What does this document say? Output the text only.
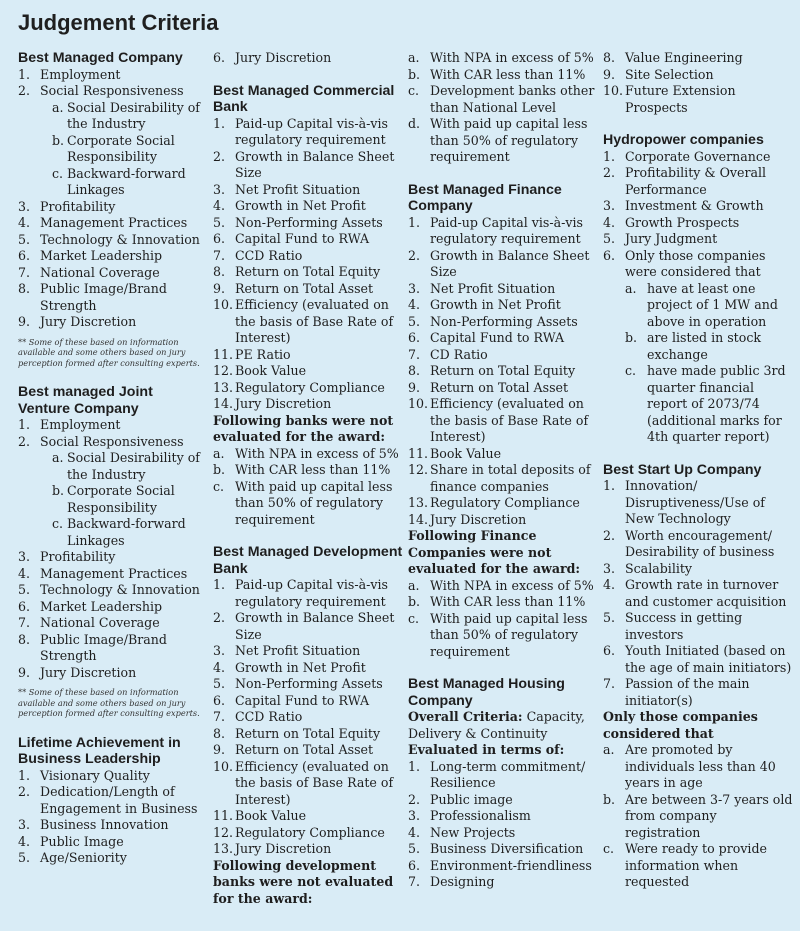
Judgement Criteria
Best Managed Company
1. Employment
2. Social Responsiveness
a. Social Desirability of the Industry
b. Corporate Social Responsibility
c. Backward-forward Linkages
3. Profitability
4. Management Practices
5. Technology & Innovation
6. Market Leadership
7. National Coverage
8. Public Image/Brand Strength
9. Jury Discretion
** Some of these based on information available and some others based on jury perception formed after consulting experts.
Best managed Joint Venture Company
1. Employment
2. Social Responsiveness
a. Social Desirability of the Industry
b. Corporate Social Responsibility
c. Backward-forward Linkages
3. Profitability
4. Management Practices
5. Technology & Innovation
6. Market Leadership
7. National Coverage
8. Public Image/Brand Strength
9. Jury Discretion
** Some of these based on information available and some others based on jury perception formed after consulting experts.
Lifetime Achievement in Business Leadership
1. Visionary Quality
2. Dedication/Length of Engagement in Business
3. Business Innovation
4. Public Image
5. Age/Seniority
6. Jury Discretion
Best Managed Commercial Bank
1. Paid-up Capital vis-à-vis regulatory requirement
2. Growth in Balance Sheet Size
3. Net Profit Situation
4. Growth in Net Profit
5. Non-Performing Assets
6. Capital Fund to RWA
7. CCD Ratio
8. Return on Total Equity
9. Return on Total Asset
10. Efficiency (evaluated on the basis of Base Rate of Interest)
11. PE Ratio
12. Book Value
13. Regulatory Compliance
14. Jury Discretion
Following banks were not evaluated for the award:
a. With NPA in excess of 5%
b. With CAR less than 11%
c. With paid up capital less than 50% of regulatory requirement
Best Managed Development Bank
1. Paid-up Capital vis-à-vis regulatory requirement
2. Growth in Balance Sheet Size
3. Net Profit Situation
4. Growth in Net Profit
5. Non-Performing Assets
6. Capital Fund to RWA
7. CCD Ratio
8. Return on Total Equity
9. Return on Total Asset
10. Efficiency (evaluated on the basis of Base Rate of Interest)
11. Book Value
12. Regulatory Compliance
13. Jury Discretion
Following development banks were not evaluated for the award:
a. With NPA in excess of 5%
b. With CAR less than 11%
c. Development banks other than National Level
d. With paid up capital less than 50% of regulatory requirement
Best Managed Finance Company
1. Paid-up Capital vis-à-vis regulatory requirement
2. Growth in Balance Sheet Size
3. Net Profit Situation
4. Growth in Net Profit
5. Non-Performing Assets
6. Capital Fund to RWA
7. CD Ratio
8. Return on Total Equity
9. Return on Total Asset
10. Efficiency (evaluated on the basis of Base Rate of Interest)
11. Book Value
12. Share in total deposits of finance companies
13. Regulatory Compliance
14. Jury Discretion
Following Finance Companies were not evaluated for the award:
a. With NPA in excess of 5%
b. With CAR less than 11%
c. With paid up capital less than 50% of regulatory requirement
Best Managed Housing Company
Overall Criteria: Capacity, Delivery & Continuity
Evaluated in terms of:
1. Long-term commitment/ Resilience
2. Public image
3. Professionalism
4. New Projects
5. Business Diversification
6. Environment-friendliness
7. Designing
8. Value Engineering
9. Site Selection
10. Future Extension Prospects
Hydropower companies
1. Corporate Governance
2. Profitability & Overall Performance
3. Investment & Growth
4. Growth Prospects
5. Jury Judgment
6. Only those companies were considered that
a. have at least one project of 1 MW and above in operation
b. are listed in stock exchange
c. have made public 3rd quarter financial report of 2073/74 (additional marks for 4th quarter report)
Best Start Up Company
1. Innovation/ Disruptiveness/Use of New Technology
2. Worth encouragement/ Desirability of business
3. Scalability
4. Growth rate in turnover and customer acquisition
5. Success in getting investors
6. Youth Initiated (based on the age of main initiators)
7. Passion of the main initiator(s)
Only those companies considered that
a. Are promoted by individuals less than 40 years in age
b. Are between 3-7 years old from company registration
c. Were ready to provide information when requested
